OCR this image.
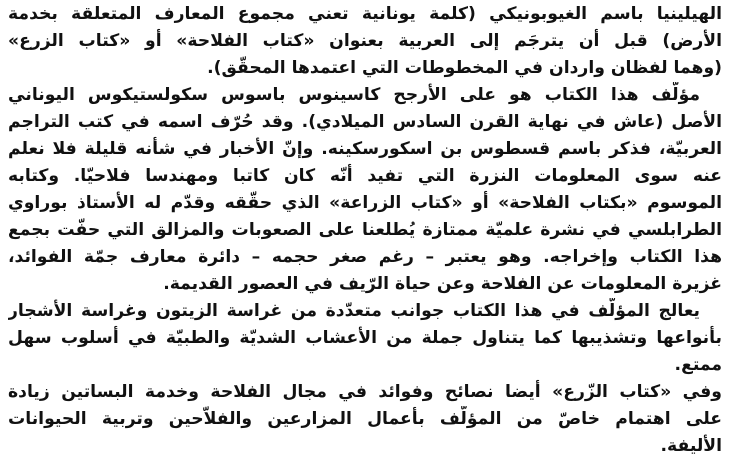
الهيلينيا باسم الغيوبونيكي (كلمة يونانية تعني مجموع المعارف المتعلقة بخدمة
الأرض) قبل أن يترجَم إلى العربية بعنوان «كتاب الفلاحة» أو «كتاب الزرع»
(وهما لفظان واردان في المخطوطات التي اعتمدها المحقّق).
مؤلّف هذا الكتاب هو على الأرجح كاسينوس باسوس سكولستيكوس اليوناني
الأصل (عاش في نهاية القرن السادس الميلادي). وقد حُرّف اسمه في كتب التراجم
العربيّة، فذكر باسم قسطوس بن اسكورسكينه. وإنّ الأخبار في شأنه قليلة فلا نعلم
عنه سوى المعلومات النزرة التي تفيد أنّه كان كاتبا ومهندسا فلاحيّا. وكتابه
الموسوم «بكتاب الفلاحة» أو «كتاب الزراعة» الذي حقّقه وقدّم له الأستاذ بوراوي
الطرابلسي في نشرة علميّة ممتازة يُطلعنا على الصعوبات والمزالق التي حفّت بجمع
هذا الكتاب وإخراجه. وهو يعتبر – رغم صغر حجمه – دائرة معارف جمّة الفوائد،
غزيرة المعلومات عن الفلاحة وعن حياة الرّيف في العصور القديمة.
يعالج المؤلّف في هذا الكتاب جوانب متعدّدة من غراسة الزيتون وغراسة الأشجار
بأنواعها وتشذيبها كما يتناول جملة من الأعشاب الشديّة والطبيّة في أسلوب سهل
ممتع.
وفي «كتاب الزّرع» أيضا نصائح وفوائد في مجال الفلاحة وخدمة البساتين زيادة
على اهتمام خاصّ من المؤلّف بأعمال المزارعين والفلاّحين وتربية الحيوانات
الأليفة.
